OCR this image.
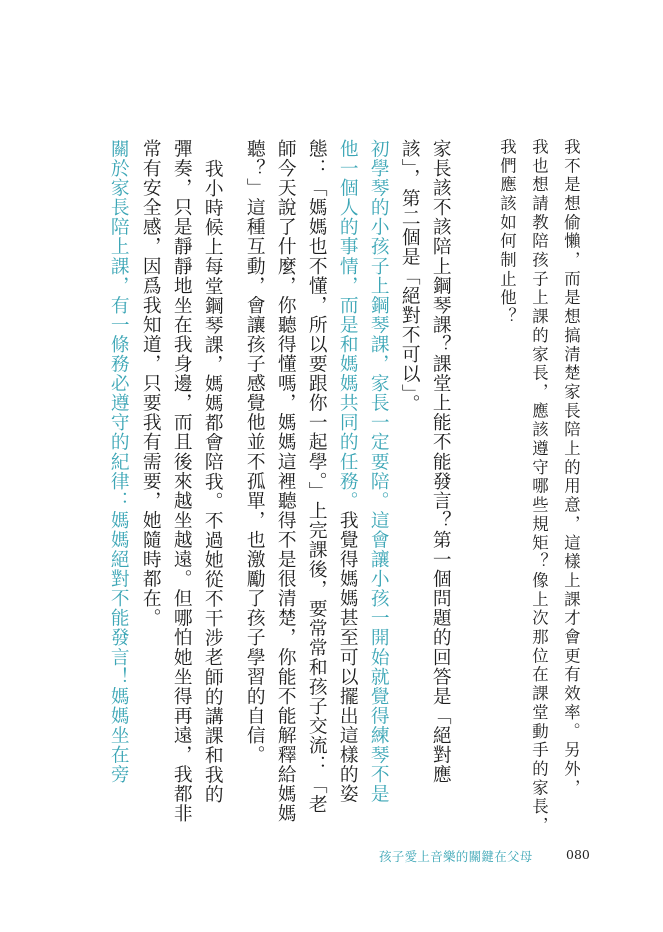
我不是想偷懶，而是想搞清楚家長陪上的用意，這樣上課才會更有效率。另外，
我也想請教陪孩子上課的家長，應該遵守哪些規矩？像上次那位在課堂動手的家長，
我們應該如何制止他？
家長該不該陪上鋼琴課？課堂上能不能發言？第一個問題的回答是「絕對應
該」，第二個是「絕對不可以」。
初學琴的小孩子上鋼琴課，家長一定要陪。這會讓小孩一開始就覺得練琴不是
他一個人的事情，而是和媽媽共同的任務。我覺得媽媽甚至可以擺出這樣的姿
態：「媽媽也不懂，所以要跟你一起學。」上完課後，要常常和孩子交流：「老
師今天說了什麼，你聽得懂嗎，媽媽這裡聽得不是很清楚，你能不能解釋給媽媽
聽？」這種互動，會讓孩子感覺他並不孤單，也激勵了孩子學習的自信。
我小時候上每堂鋼琴課，媽媽都會陪我。不過她從不干涉老師的講課和我的
彈奏，只是靜靜地坐在我身邊，而且後來越坐越遠。但哪怕她坐得再遠，我都非
常有安全感，因爲我知道，只要我有需要，她隨時都在。
關於家長陪上課，有一條務必遵守的紀律：媽媽絕對不能發言！媽媽坐在旁
孩子愛上音樂的關鍵在父母	080
